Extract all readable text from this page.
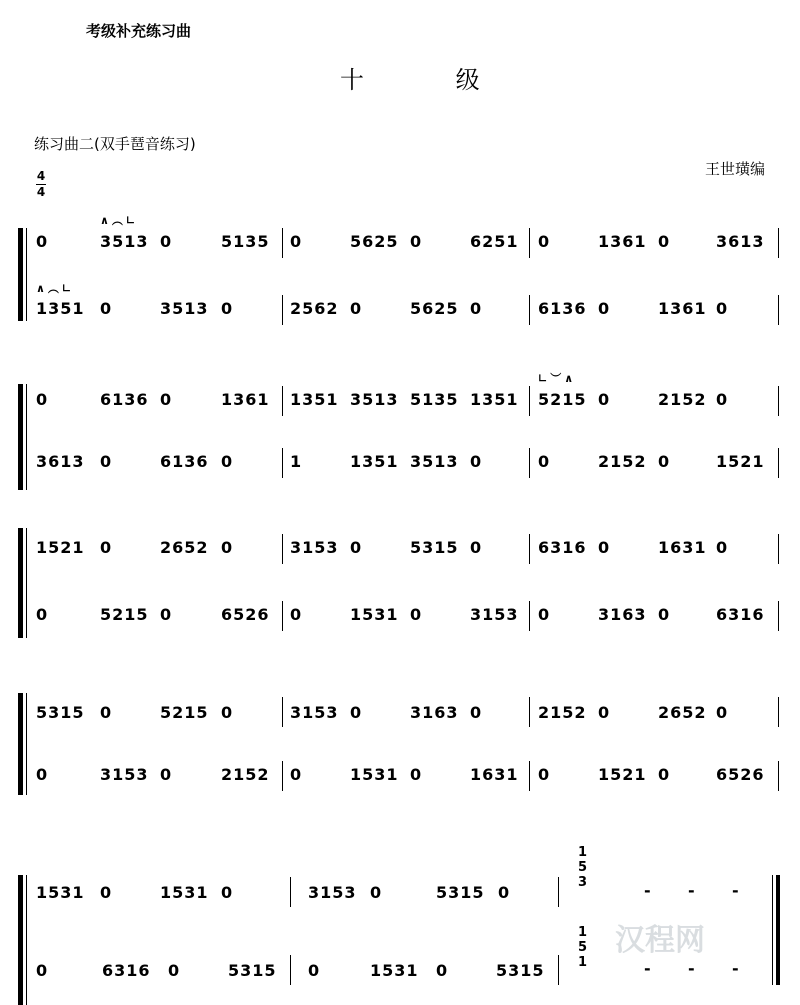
考级补充练习曲
十 级
练习曲二(双手琶音练习)
王世璜编
4
4
∧︵∟
∧︵∟
0	3513 0	5135 0	5625 0	6251 0	1361 0	3613
1351 0	3513 0	2562 0	5625 0	6136 0	1361 0
∟︶∧
0	6136 0	1361 1351 3513 5135 1351 5215 0	2152 0
3613 0	6136 0	1	1351 3513 0	0	2152 0	1521
1521 0	2652 0	3153 0	5315 0	6316 0	1631 0
0	5215 0	6526 0	1531 0	3153 0	3163 0	6316
5315 0	5215 0	3153 0	3163 0	2152 0	2652 0
0	3153 0	2152 0	1531 0	1631 0	1521 0	6526
1531 0	1531 0	3153 0	5315 0
0	6316 0	5315 0	1531 0	5315
1
5
3
1
5
1
- - -
- - -
汉程网
